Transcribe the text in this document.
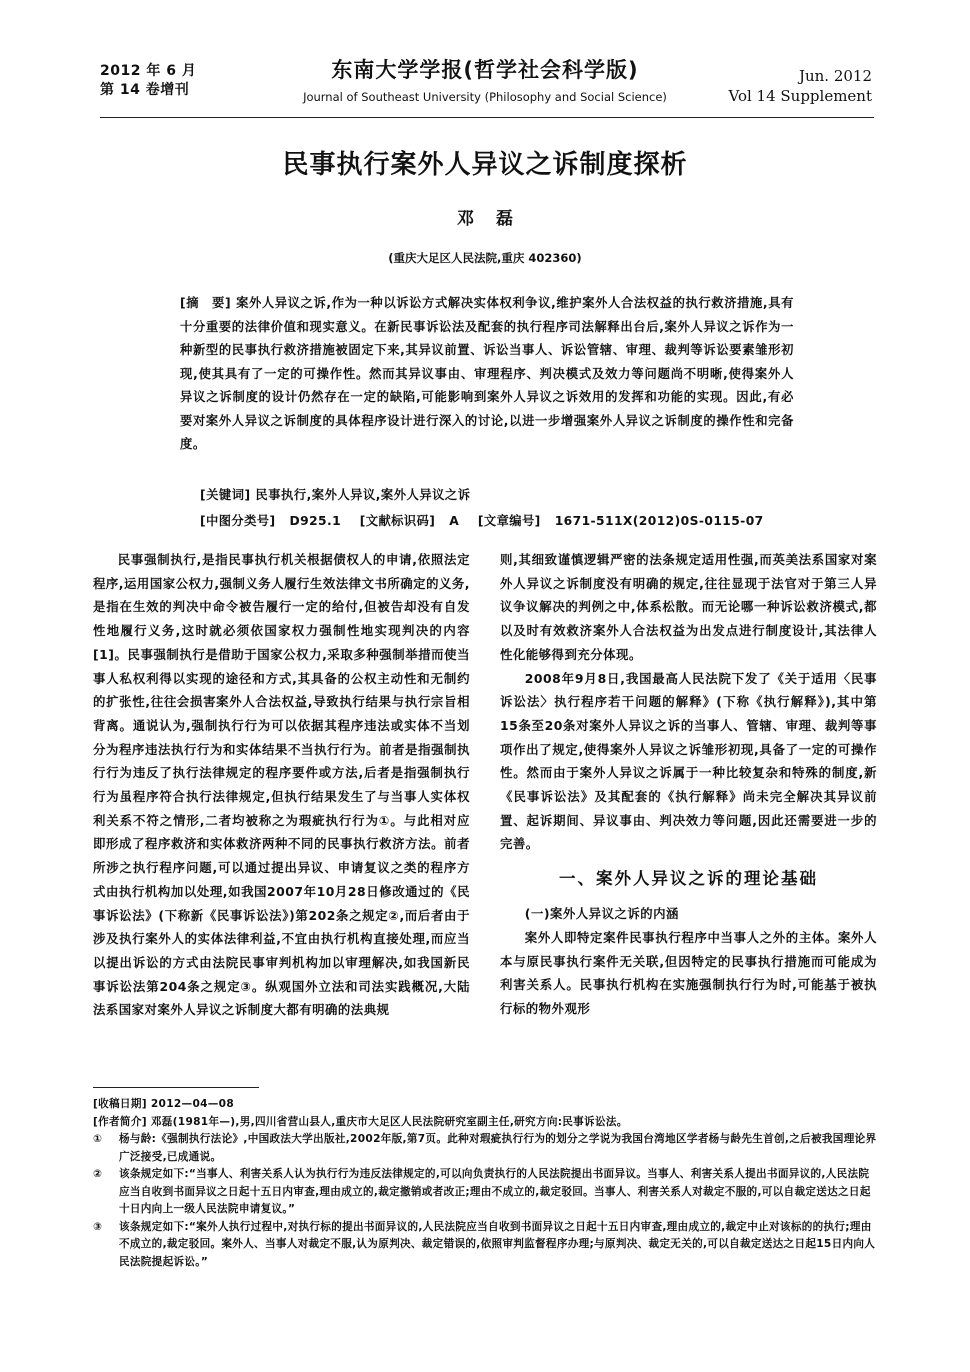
2012 年 6 月
第 14 卷增刊
东南大学学报(哲学社会科学版)
Journal of Southeast University (Philosophy and Social Science)
Jun. 2012
Vol 14 Supplement
民事执行案外人异议之诉制度探析
邓磊
(重庆大足区人民法院,重庆 402360)
[摘　要] 案外人异议之诉,作为一种以诉讼方式解决实体权利争议,维护案外人合法权益的执行救济措施,具有十分重要的法律价值和现实意义。在新民事诉讼法及配套的执行程序司法解释出台后,案外人异议之诉作为一种新型的民事执行救济措施被固定下来,其异议前置、诉讼当事人、诉讼管辖、审理、裁判等诉讼要素雏形初现,使其具有了一定的可操作性。然而其异议事由、审理程序、判决模式及效力等问题尚不明晰,使得案外人异议之诉制度的设计仍然存在一定的缺陷,可能影响到案外人异议之诉效用的发挥和功能的实现。因此,有必要对案外人异议之诉制度的具体程序设计进行深入的讨论,以进一步增强案外人异议之诉制度的操作性和完备度。
[关键词] 民事执行,案外人异议,案外人异议之诉
[中图分类号] D925.1 [文献标识码] A [文章编号] 1671-511X(2012)0S-0115-07

民事强制执行,是指民事执行机关根据债权人的申请,依照法定程序,运用国家公权力,强制义务人履行生效法律文书所确定的义务,是指在生效的判决中命令被告履行一定的给付,但被告却没有自发性地履行义务,这时就必须依国家权力强制性地实现判决的内容[1]。民事强制执行是借助于国家公权力,采取多种强制举措而使当事人私权利得以实现的途径和方式,其具备的公权主动性和无制约的扩张性,往往会损害案外人合法权益,导致执行结果与执行宗旨相背离。通说认为,强制执行行为可以依据其程序违法或实体不当划分为程序违法执行行为和实体结果不当执行行为。前者是指强制执行行为违反了执行法律规定的程序要件或方法,后者是指强制执行行为虽程序符合执行法律规定,但执行结果发生了与当事人实体权利关系不符之情形,二者均被称之为瑕疵执行行为①。与此相对应即形成了程序救济和实体救济两种不同的民事执行救济方法。前者所涉之执行程序问题,可以通过提出异议、申请复议之类的程序方式由执行机构加以处理,如我国2007年10月28日修改通过的《民事诉讼法》(下称新《民事诉讼法》)第202条之规定②,而后者由于涉及执行案外人的实体法律利益,不宜由执行机构直接处理,而应当以提出诉讼的方式由法院民事审判机构加以审理解决,如我国新民事诉讼法第204条之规定③。纵观国外立法和司法实践概况,大陆法系国家对案外人异议之诉制度大都有明确的法典规

则,其细致谨慎逻辑严密的法条规定适用性强,而英美法系国家对案外人异议之诉制度没有明确的规定,往往显现于法官对于第三人异议争议解决的判例之中,体系松散。而无论哪一种诉讼救济模式,都以及时有效救济案外人合法权益为出发点进行制度设计,其法律人性化能够得到充分体现。

2008年9月8日,我国最高人民法院下发了《关于适用〈民事诉讼法〉执行程序若干问题的解释》(下称《执行解释》),其中第15条至20条对案外人异议之诉的当事人、管辖、审理、裁判等事项作出了规定,使得案外人异议之诉雏形初现,具备了一定的可操作性。然而由于案外人异议之诉属于一种比较复杂和特殊的制度,新《民事诉讼法》及其配套的《执行解释》尚未完全解决其异议前置、起诉期间、异议事由、判决效力等问题,因此还需要进一步的完善。

一、案外人异议之诉的理论基础
(一)案外人异议之诉的内涵

案外人即特定案件民事执行程序中当事人之外的主体。案外人本与原民事执行案件无关联,但因特定的民事执行措施而可能成为利害关系人。民事执行机构在实施强制执行行为时,可能基于被执行标的物外观形

[收稿日期] 2012—04—08
[作者简介] 邓磊(1981年—),男,四川省营山县人,重庆市大足区人民法院研究室副主任,研究方向:民事诉讼法。
①	杨与龄:《强制执行法论》,中国政法大学出版社,2002年版,第7页。此种对瑕疵执行行为的划分之学说为我国台湾地区学者杨与龄先生首创,之后被我国理论界广泛接受,已成通说。
②	该条规定如下:“当事人、利害关系人认为执行行为违反法律规定的,可以向负责执行的人民法院提出书面异议。当事人、利害关系人提出书面异议的,人民法院应当自收到书面异议之日起十五日内审查,理由成立的,裁定撤销或者改正;理由不成立的,裁定驳回。当事人、利害关系人对裁定不服的,可以自裁定送达之日起十日内向上一级人民法院申请复议。”
③	该条规定如下:“案外人执行过程中,对执行标的提出书面异议的,人民法院应当自收到书面异议之日起十五日内审查,理由成立的,裁定中止对该标的的执行;理由不成立的,裁定驳回。案外人、当事人对裁定不服,认为原判决、裁定错误的,依照审判监督程序办理;与原判决、裁定无关的,可以自裁定送达之日起15日内向人民法院提起诉讼。”
